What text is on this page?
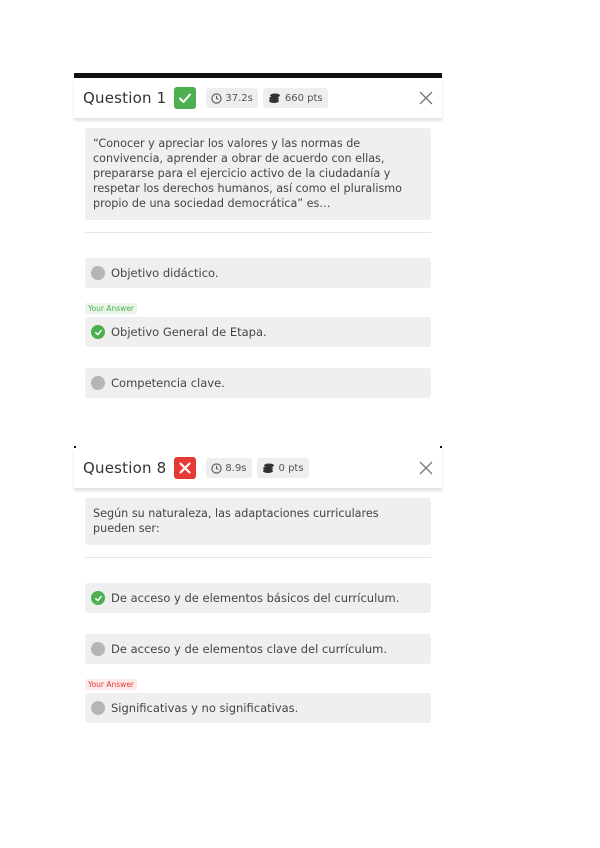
Question 1	37.2s	660 pts
“Conocer y apreciar los valores y las normas de convivencia, aprender a obrar de acuerdo con ellas, prepararse para el ejercicio activo de la ciudadanía y respetar los derechos humanos, así como el pluralismo propio de una sociedad democrática” es…
Objetivo didáctico.
Your Answer
Objetivo General de Etapa.
Competencia clave.
Question 8	8.9s	0 pts
Según su naturaleza, las adaptaciones curriculares pueden ser:
De acceso y de elementos básicos del currículum.
De acceso y de elementos clave del currículum.
Your Answer
Significativas y no significativas.
